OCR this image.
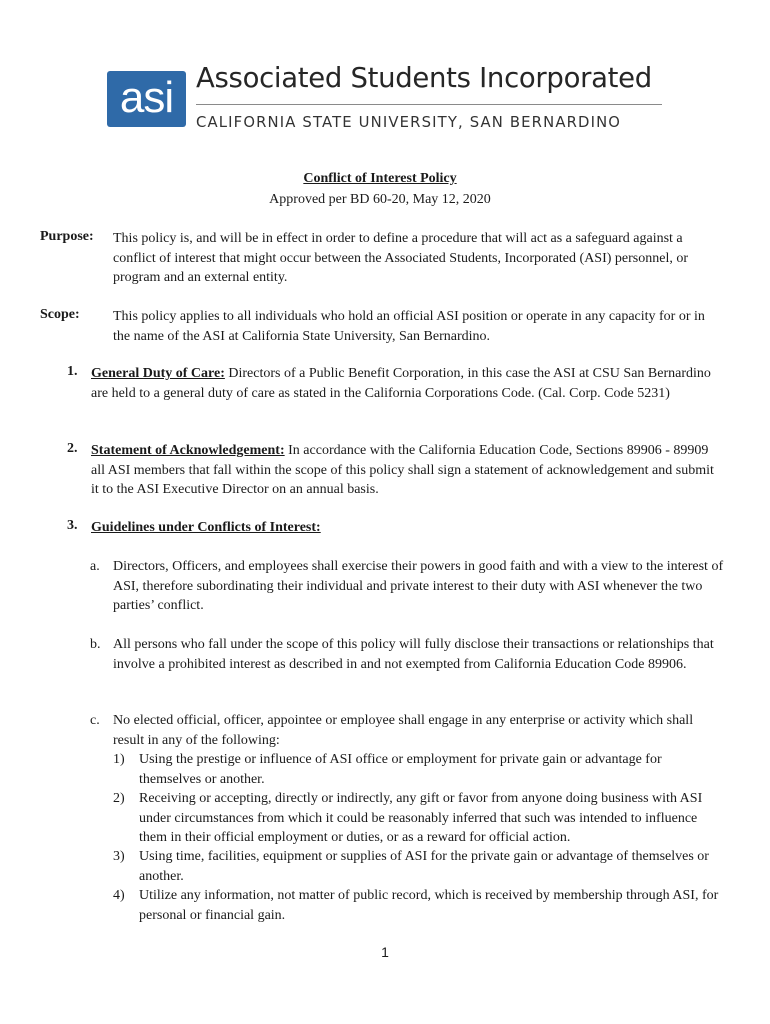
asi Associated Students Incorporated
CALIFORNIA STATE UNIVERSITY, SAN BERNARDINO
Conflict of Interest Policy
Approved per BD 60-20, May 12, 2020
Purpose: This policy is, and will be in effect in order to define a procedure that will act as a safeguard against a conflict of interest that might occur between the Associated Students, Incorporated (ASI) personnel, or program and an external entity.
Scope: This policy applies to all individuals who hold an official ASI position or operate in any capacity for or in the name of the ASI at California State University, San Bernardino.
1. General Duty of Care: Directors of a Public Benefit Corporation, in this case the ASI at CSU San Bernardino are held to a general duty of care as stated in the California Corporations Code. (Cal. Corp. Code 5231)
2. Statement of Acknowledgement: In accordance with the California Education Code, Sections 89906 - 89909 all ASI members that fall within the scope of this policy shall sign a statement of acknowledgement and submit it to the ASI Executive Director on an annual basis.
3. Guidelines under Conflicts of Interest:
a. Directors, Officers, and employees shall exercise their powers in good faith and with a view to the interest of ASI, therefore subordinating their individual and private interest to their duty with ASI whenever the two parties’ conflict.
b. All persons who fall under the scope of this policy will fully disclose their transactions or relationships that involve a prohibited interest as described in and not exempted from California Education Code 89906.
c. No elected official, officer, appointee or employee shall engage in any enterprise or activity which shall result in any of the following:
1) Using the prestige or influence of ASI office or employment for private gain or advantage for themselves or another.
2) Receiving or accepting, directly or indirectly, any gift or favor from anyone doing business with ASI under circumstances from which it could be reasonably inferred that such was intended to influence them in their official employment or duties, or as a reward for official action.
3) Using time, facilities, equipment or supplies of ASI for the private gain or advantage of themselves or another.
4) Utilize any information, not matter of public record, which is received by membership through ASI, for personal or financial gain.
1
